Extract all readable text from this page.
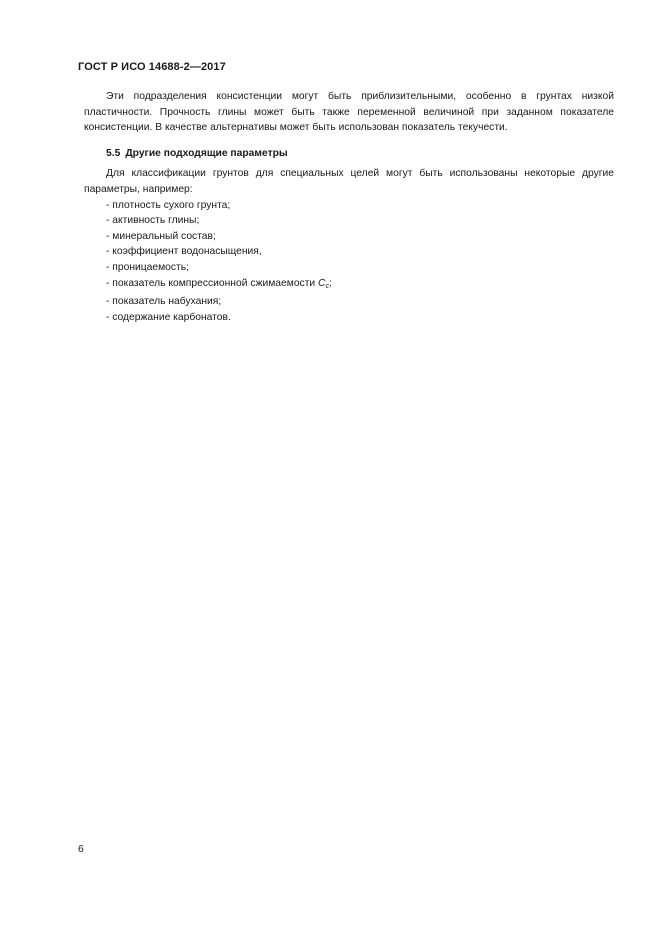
ГОСТ Р ИСО 14688-2—2017

Эти подразделения консистенции могут быть приблизительными, особенно в грунтах низкой пластичности. Прочность глины может быть также переменной величиной при заданном показателе консистенции. В качестве альтернативы может быть использован показатель текучести.

5.5 Другие подходящие параметры

Для классификации грунтов для специальных целей могут быть использованы некоторые другие параметры, например:

- плотность сухого грунта;
- активность глины;
- минеральный состав;
- коэффициент водонасыщения,
- проницаемость;
- показатель компрессионной сжимаемости $C_c$;
- показатель набухания;
- содержание карбонатов.
6
